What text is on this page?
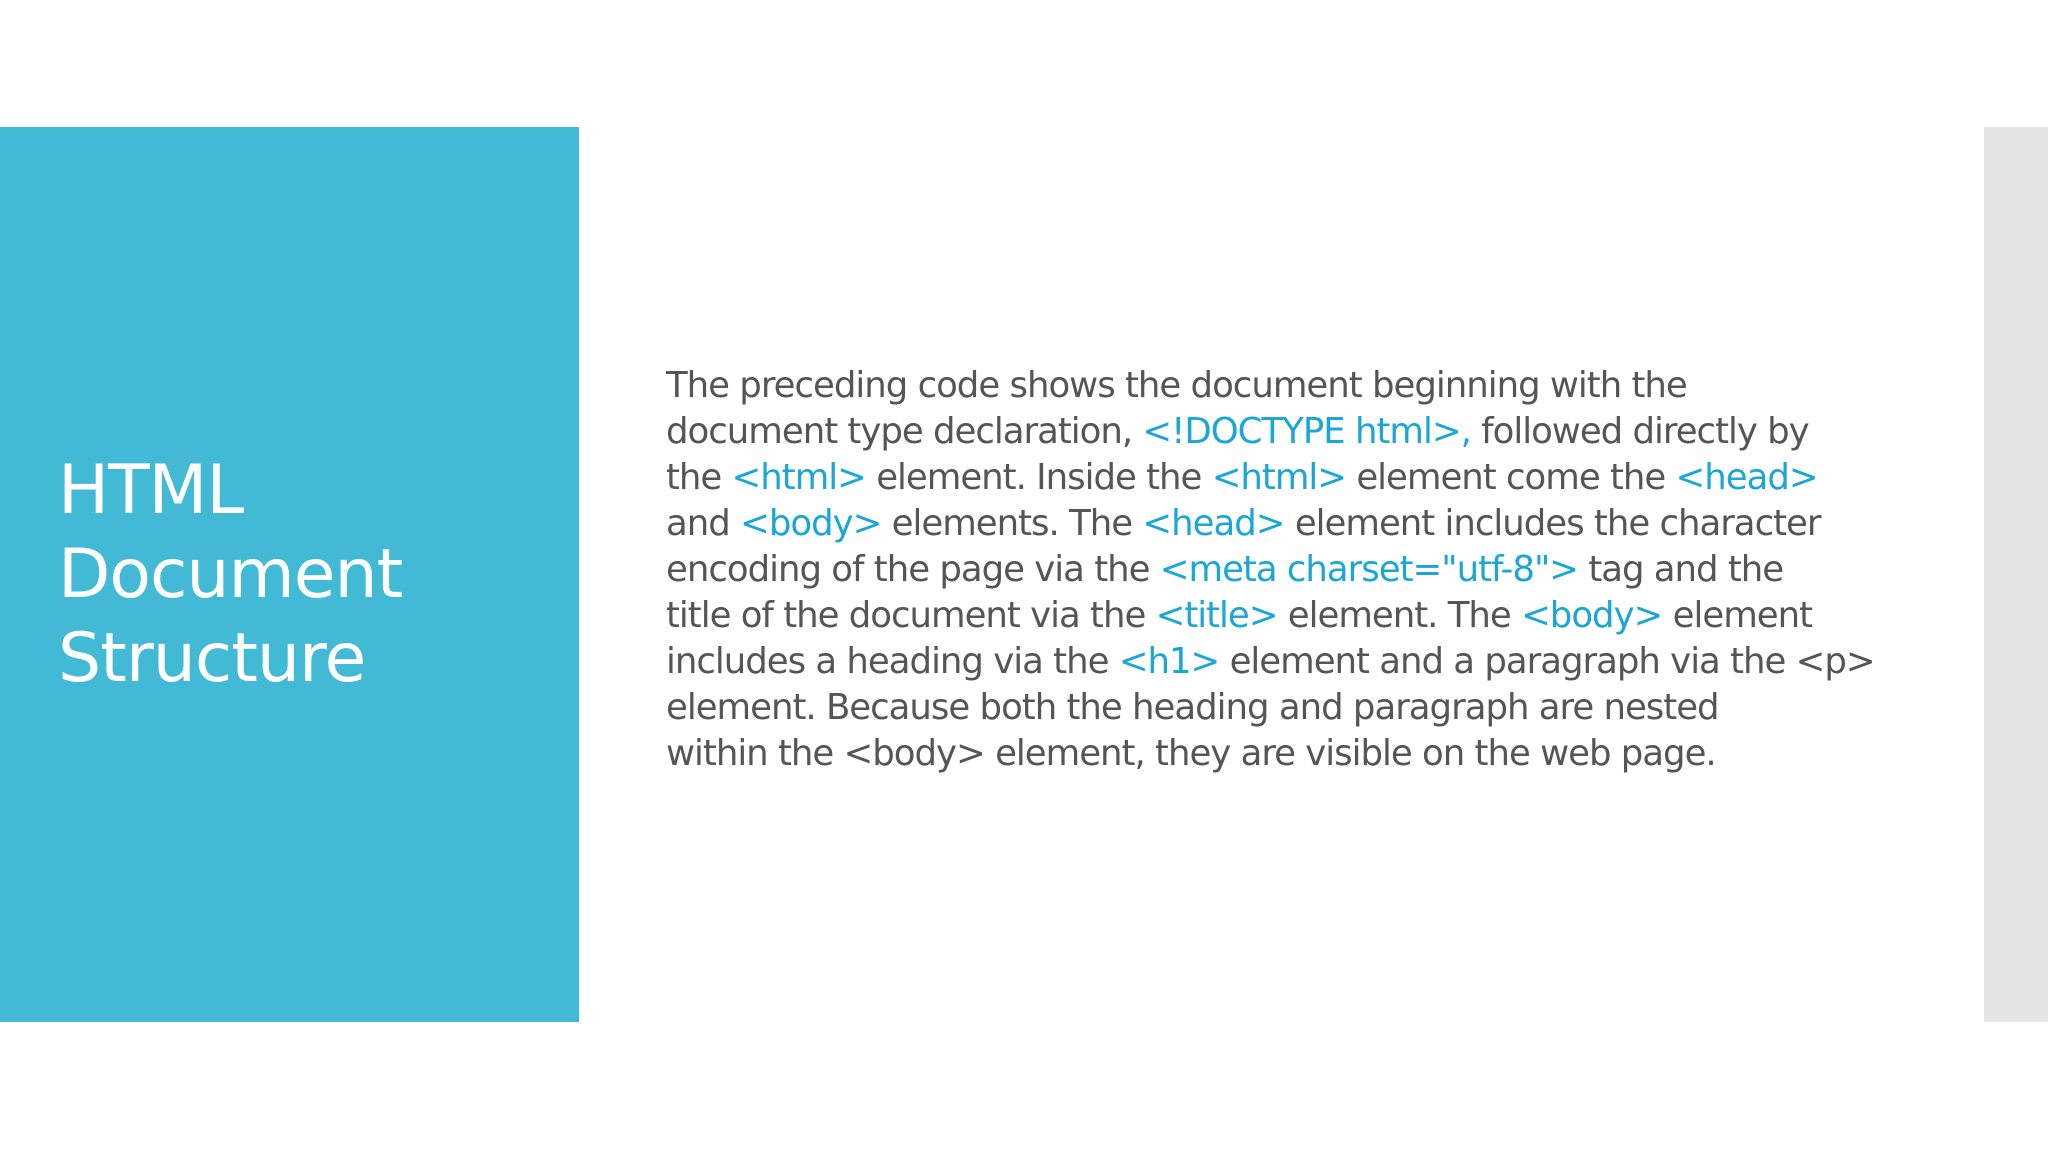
HTML
Document
Structure
The preceding code shows the document beginning with the
document type declaration, <!DOCTYPE html>, followed directly by
the <html> element. Inside the <html> element come the <head>
and <body> elements. The <head> element includes the character
encoding of the page via the <meta charset="utf-8"> tag and the
title of the document via the <title> element. The <body> element
includes a heading via the <h1> element and a paragraph via the <p>
element. Because both the heading and paragraph are nested
within the <body> element, they are visible on the web page.
